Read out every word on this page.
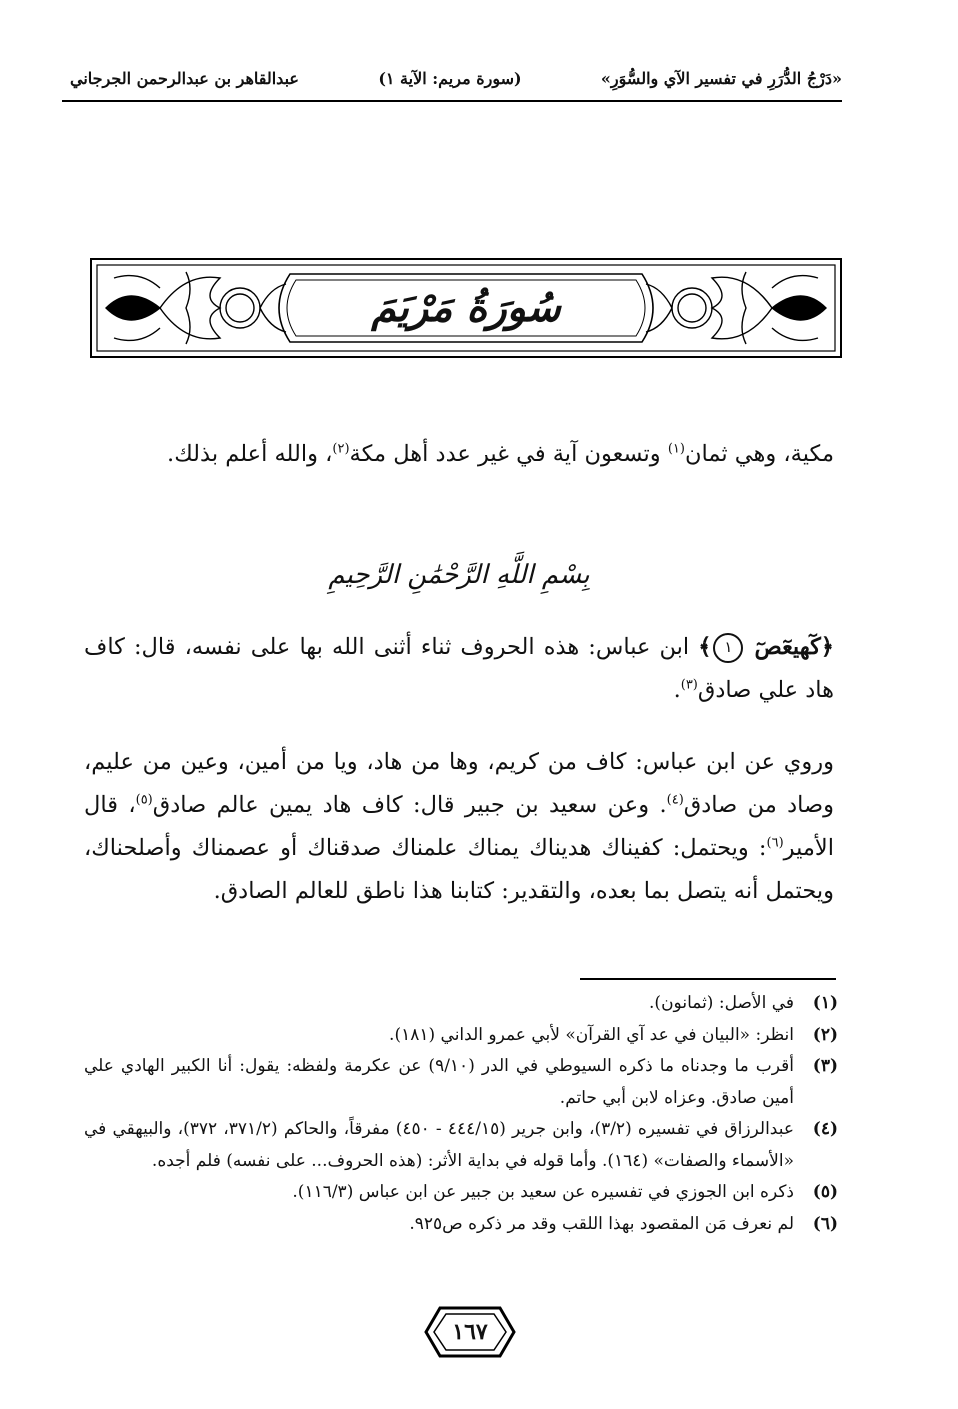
«دَرْجُ الدُّرَرِ في تفسير الآي والسُّوَرِ»
(سورة مريم: الآية ١)
عبدالقاهر بن عبدالرحمن الجرجاني
سُورَةُ مَرْيَمَ
مكية، وهي ثمان$^{(١)}$ وتسعون آية في غير عدد أهل مكة$^{(٢)}$، والله أعلم بذلك.
بِسْمِ اللَّهِ الرَّحْمَٰنِ الرَّحِيمِ
﴿كٓهيعٓصٓ ١﴾ ابن عباس: هذه الحروف ثناء أثنى الله بها على نفسه، قال: كاف هاد علي صادق$^{(٣)}$.
وروي عن ابن عباس: كاف من كريم، وها من هاد، ويا من أمين، وعين من عليم، وصاد من صادق$^{(٤)}$. وعن سعيد بن جبير قال: كاف هاد يمين عالم صادق$^{(٥)}$، قال الأمير$^{(٦)}$: ويحتمل: كفيناك هديناك يمناك علمناك صدقناك أو عصمناك وأصلحناك، ويحتمل أنه يتصل بما بعده، والتقدير: كتابنا هذا ناطق للعالم الصادق.
(١)
في الأصل: (ثمانون).
(٢)
انظر: «البيان في عد آي القرآن» لأبي عمرو الداني (١٨١).
(٣)
أقرب ما وجدناه ما ذكره السيوطي في الدر (٩/١٠) عن عكرمة ولفظه: يقول: أنا الكبير الهادي علي أمين صادق. وعزاه لابن أبي حاتم.
(٤)
عبدالرزاق في تفسيره (٣/٢)، وابن جرير (٤٤٤/١٥ - ٤٥٠) مفرقاً، والحاكم (٣٧١/٢، ٣٧٢)، والبيهقي في «الأسماء والصفات» (١٦٤). وأما قوله في بداية الأثر: (هذه الحروف... على نفسه) فلم أجده.
(٥)
ذكره ابن الجوزي في تفسيره عن سعيد بن جبير عن ابن عباس (١١٦/٣).
(٦)
لم نعرف مَن المقصود بهذا اللقب وقد مر ذكره ص٩٢٥.
١٦٧
